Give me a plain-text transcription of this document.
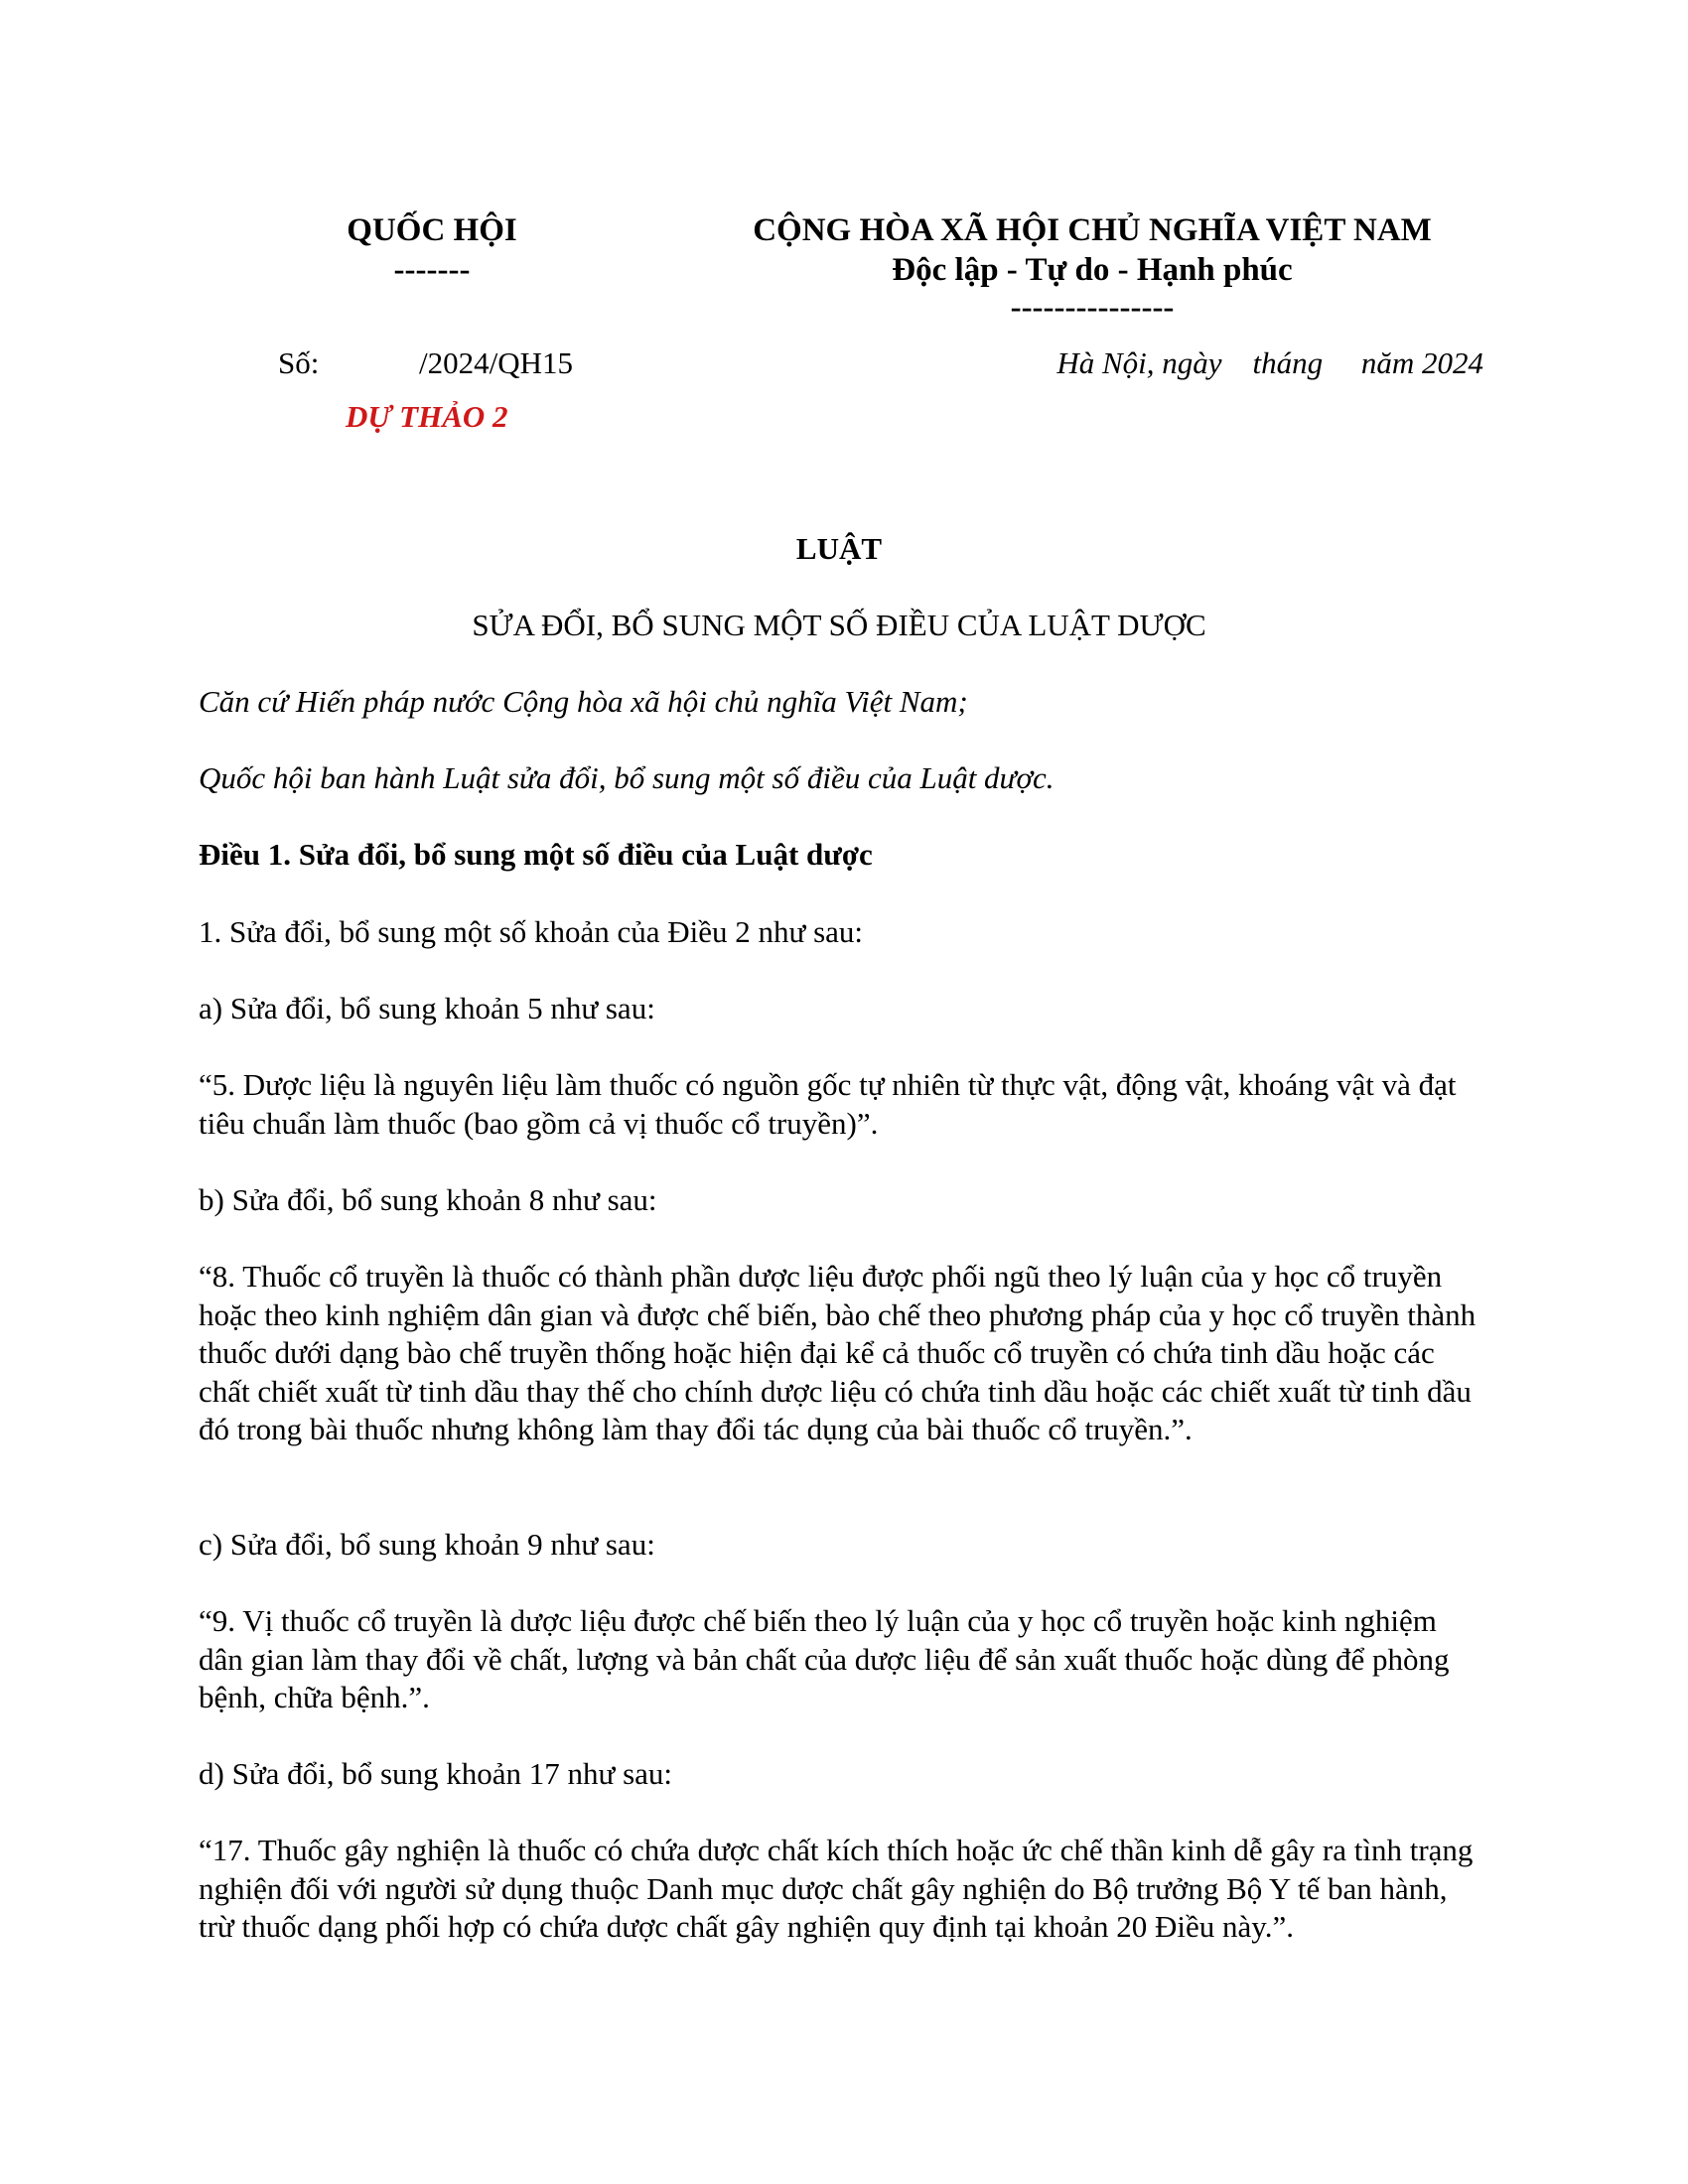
QUỐC HỘI
-------
CỘNG HÒA XÃ HỘI CHỦ NGHĨA VIỆT NAM
Độc lập - Tự do - Hạnh phúc
---------------
Số:	/2024/QH15	Hà Nội, ngày    tháng     năm 2024
DỰ THẢO 2
LUẬT
SỬA ĐỔI, BỔ SUNG MỘT SỐ ĐIỀU CỦA LUẬT DƯỢC
Căn cứ Hiến pháp nước Cộng hòa xã hội chủ nghĩa Việt Nam;
Quốc hội ban hành Luật sửa đổi, bổ sung một số điều của Luật dược.
Điều 1. Sửa đổi, bổ sung một số điều của Luật dược
1. Sửa đổi, bổ sung một số khoản của Điều 2 như sau:
a) Sửa đổi, bổ sung khoản 5 như sau:
“5. Dược liệu là nguyên liệu làm thuốc có nguồn gốc tự nhiên từ thực vật, động vật, khoáng vật và đạt tiêu chuẩn làm thuốc (bao gồm cả vị thuốc cổ truyền)”.
b) Sửa đổi, bổ sung khoản 8 như sau:
“8. Thuốc cổ truyền là thuốc có thành phần dược liệu được phối ngũ theo lý luận của y học cổ truyền hoặc theo kinh nghiệm dân gian và được chế biến, bào chế theo phương pháp của y học cổ truyền thành thuốc dưới dạng bào chế truyền thống hoặc hiện đại kể cả thuốc cổ truyền có chứa tinh dầu hoặc các chất chiết xuất từ tinh dầu thay thế cho chính dược liệu có chứa tinh dầu hoặc các chiết xuất từ tinh dầu đó trong bài thuốc nhưng không làm thay đổi tác dụng của bài thuốc cổ truyền.”.
c) Sửa đổi, bổ sung khoản 9 như sau:
“9. Vị thuốc cổ truyền là dược liệu được chế biến theo lý luận của y học cổ truyền hoặc kinh nghiệm dân gian làm thay đổi về chất, lượng và bản chất của dược liệu để sản xuất thuốc hoặc dùng để phòng bệnh, chữa bệnh.”.
d) Sửa đổi, bổ sung khoản 17 như sau:
“17. Thuốc gây nghiện là thuốc có chứa dược chất kích thích hoặc ức chế thần kinh dễ gây ra tình trạng nghiện đối với người sử dụng thuộc Danh mục dược chất gây nghiện do Bộ trưởng Bộ Y tế ban hành, trừ thuốc dạng phối hợp có chứa dược chất gây nghiện quy định tại khoản 20 Điều này.”.
